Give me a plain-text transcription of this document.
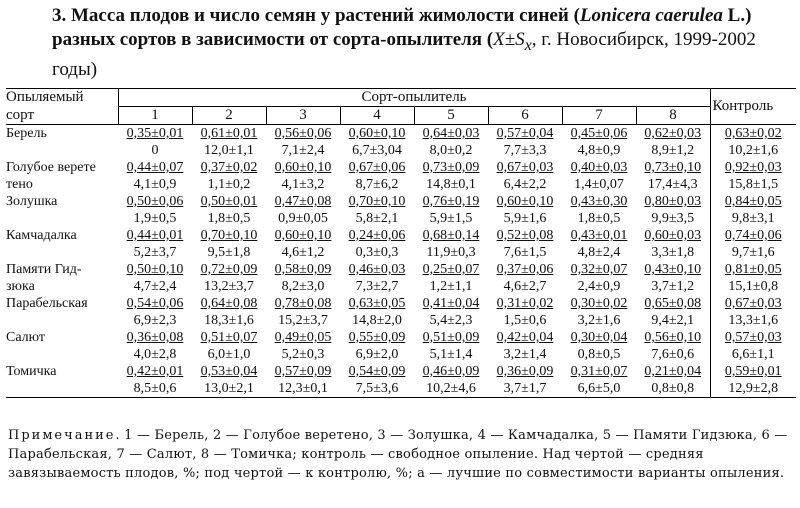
3. Масса плодов и число семян у растений жимолости синей (Lonicera caerulea L.) разных сортов в зависимости от сорта-опылителя ($X\pm S_x$, г. Новосибирск, 1999-2002 годы)

Опыляемый	Сорт-опылитель								Контроль
сорт	1	2	3	4	5	6	7	8	
Берель	0,35±0,01	0,61±0,01	0,56±0,06	0,60±0,10	0,64±0,03	0,57±0,04	0,45±0,06	0,62±0,03	0,63±0,02
	0	12,0±1,1	7,1±2,4	6,7±3,04	8,0±0,2	7,7±3,3	4,8±0,9	8,9±1,2	10,2±1,6
Голубое верете	0,44±0,07	0,37±0,02	0,60±0,10	0,67±0,06	0,73±0,09	0,67±0,03	0,40±0,03	0,73±0,10	0,92±0,03
тено	4,1±0,9	1,1±0,2	4,1±3,2	8,7±6,2	14,8±0,1	6,4±2,2	1,4±0,07	17,4±4,3	15,8±1,5
Золушка	0,50±0,06	0,50±0,01	0,47±0,08	0,70±0,10	0,76±0,19	0,60±0,10	0,43±0,30	0,80±0,03	0,84±0,05
	1,9±0,5	1,8±0,5	0,9±0,05	5,8±2,1	5,9±1,5	5,9±1,6	1,8±0,5	9,9±3,5	9,8±3,1
Камчадалка	0,44±0,01	0,70±0,10	0,60±0,10	0,24±0,06	0,68±0,14	0,52±0,08	0,43±0,01	0,60±0,03	0,74±0,06
	5,2±3,7	9,5±1,8	4,6±1,2	0,3±0,3	11,9±0,3	7,6±1,5	4,8±2,4	3,3±1,8	9,7±1,6
Памяти Гид-	0,50±0,10	0,72±0,09	0,58±0,09	0,46±0,03	0,25±0,07	0,37±0,06	0,32±0,07	0,43±0,10	0,81±0,05
зюка	4,7±2,4	13,2±3,7	8,2±3,0	7,3±2,7	1,2±1,1	4,6±2,7	2,4±0,9	3,7±1,2	15,1±0,8
Парабельская	0,54±0,06	0,64±0,08	0,78±0,08	0,63±0,05	0,41±0,04	0,31±0,02	0,30±0,02	0,65±0,08	0,67±0,03
	6,9±2,3	18,3±1,6	15,2±3,7	14,8±2,0	5,4±2,3	1,5±0,6	3,2±1,6	9,4±2,1	13,3±1,6
Салют	0,36±0,08	0,51±0,07	0,49±0,05	0,55±0,09	0,51±0,09	0,42±0,04	0,30±0,04	0,56±0,10	0,57±0,03
	4,0±2,8	6,0±1,0	5,2±0,3	6,9±2,0	5,1±1,4	3,2±1,4	0,8±0,5	7,6±0,6	6,6±1,1
Томичка	0,42±0,01	0,53±0,04	0,57±0,09	0,54±0,09	0,46±0,09	0,36±0,09	0,31±0,07	0,21±0,04	0,59±0,01
	8,5±0,6	13,0±2,1	12,3±0,1	7,5±3,6	10,2±4,6	3,7±1,7	6,6±5,0	0,8±0,8	12,9±2,8

Примечание. 1 — Берель, 2 — Голубое веретено, 3 — Золушка, 4 — Камчадалка, 5 — Памяти Гидзюка, 6 — Парабельская, 7 — Салют, 8 — Томичка; контроль — свободное опыление. Над чертой — средняя завязываемость плодов, %; под чертой — к контролю, %; а — лучшие по совместимости варианты опыления.
